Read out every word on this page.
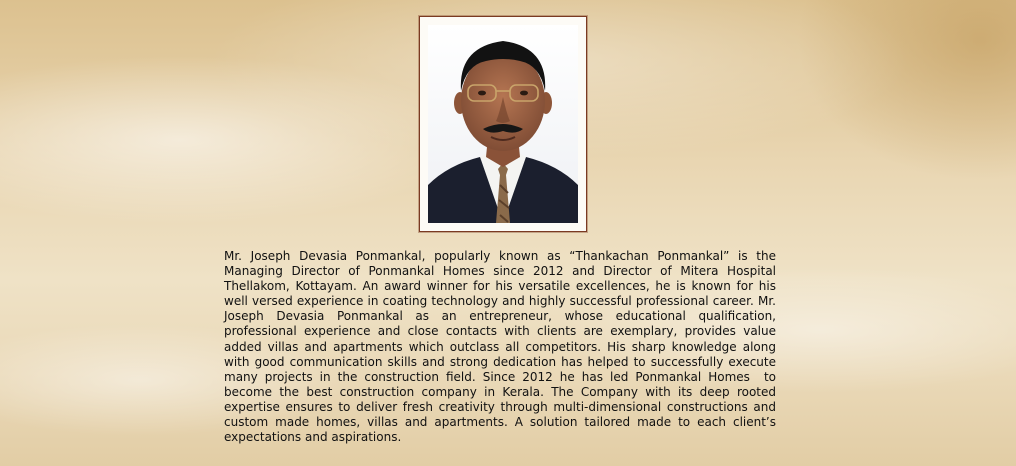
Mr. Joseph Devasia Ponmankal, popularly known as “Thankachan Ponmankal” is the Managing Director of Ponmankal Homes since 2012 and Director of Mitera Hospital Thellakom, Kottayam. An award winner for his versatile excellences, he is known for his well versed experience in coating technology and highly successful professional career. Mr. Joseph Devasia Ponmankal as an entrepreneur, whose educational qualification, professional experience and close contacts with clients are exemplary, provides value added villas and apartments which outclass all competitors. His sharp knowledge along with good communication skills and strong dedication has helped to successfully execute many projects in the construction field. Since 2012 he has led Ponmankal Homes  to become the best construction company in Kerala. The Company with its deep rooted expertise ensures to deliver fresh creativity through multi-dimensional constructions and custom made homes, villas and apartments. A solution tailored made to each client’s expectations and aspirations.
